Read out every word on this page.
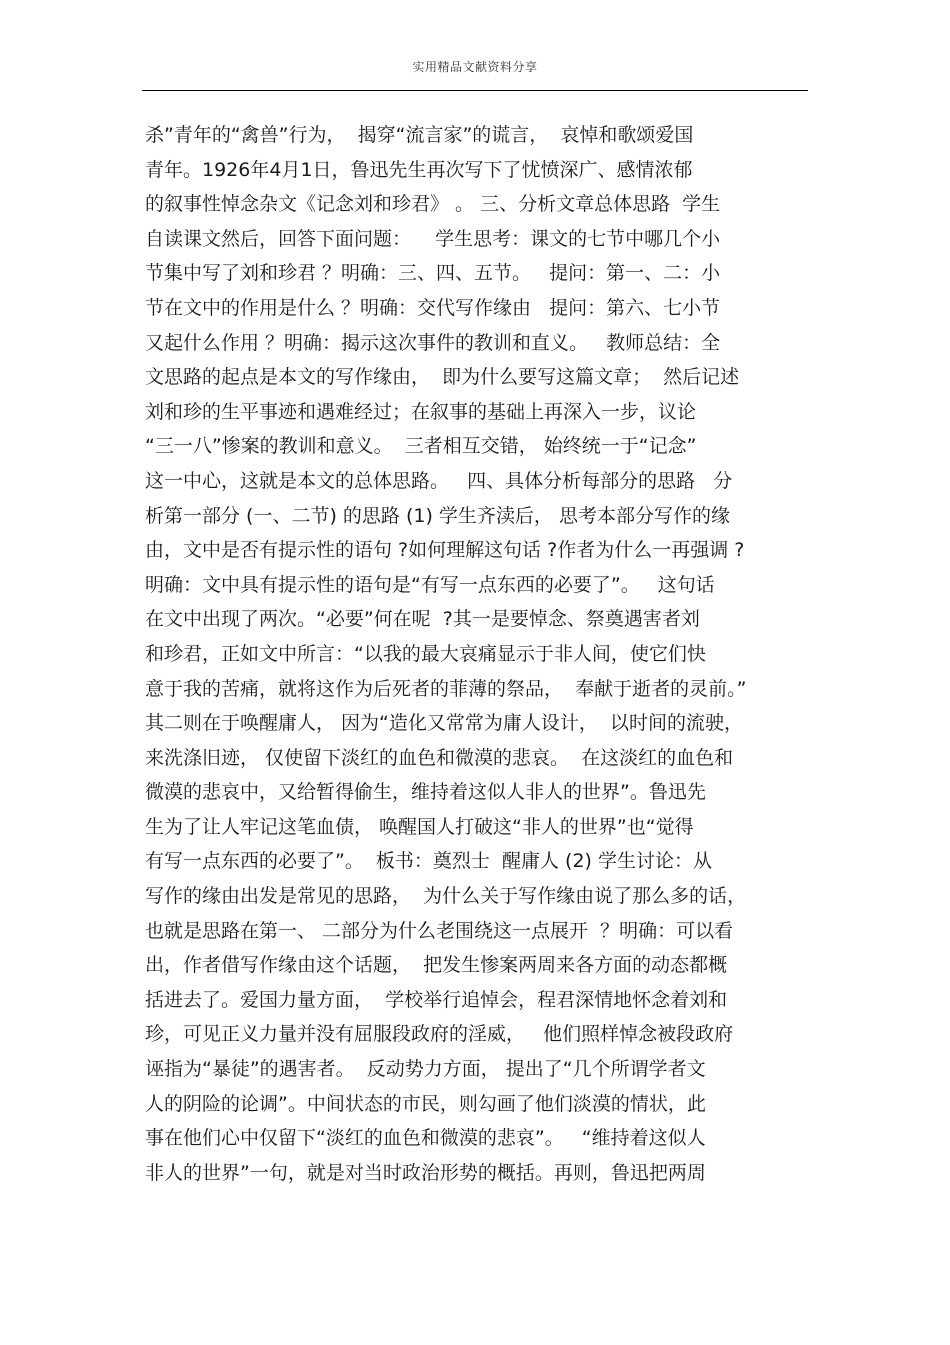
实用精品文献资料分享
杀”青年的“禽兽”行为，  揭穿“流言家”的谎言，  哀悼和歌颂爱国
青年。1926年4月1日，鲁迅先生再次写下了忧愤深广、感情浓郁
的叙事性悼念杂文《记念刘和珍君》 。 三、分析文章总体思路  学生
自读课文然后，回答下面问题：    学生思考：课文的七节中哪几个小
节集中写了刘和珍君 ？明确：三、四、五节。   提问：第一、二：小
节在文中的作用是什么 ？明确：交代写作缘由   提问：第六、七小节
又起什么作用 ？明确：揭示这次事件的教训和直义。   教师总结：全
文思路的起点是本文的写作缘由，  即为什么要写这篇文章；  然后记述
刘和珍的生平事迹和遇难经过；在叙事的基础上再深入一步，议论
“三一八”惨案的教训和意义。  三者相互交错， 始终统一于“记念”
这一中心，这就是本文的总体思路。   四、具体分析每部分的思路   分
析第一部分 (一、二节) 的思路 (1) 学生齐渎后， 思考本部分写作的缘
由，文中是否有提示性的语句 ?如何理解这句话 ?作者为什么一再强调 ?
明确：文中具有提示性的语句是“有写一点东西的必要了”。   这句话
在文中出现了两次。“必要”何在呢  ?其一是要悼念、祭奠遇害者刘
和珍君，正如文中所言：“以我的最大哀痛显示于非人间，使它们快
意于我的苦痛，就将这作为后死者的菲薄的祭品，  奉献于逝者的灵前。”
其二则在于唤醒庸人， 因为“造化又常常为庸人设计，  以时间的流驶，
来洗涤旧迹， 仅使留下淡红的血色和微漠的悲哀。  在这淡红的血色和
微漠的悲哀中，又给暂得偷生，维持着这似人非人的世界”。鲁迅先
生为了让人牢记这笔血债， 唤醒国人打破这“非人的世界”也“觉得
有写一点东西的必要了”。  板书：奠烈士  醒庸人 (2) 学生讨论：从
写作的缘由出发是常见的思路，  为什么关于写作缘由说了那么多的话，
也就是思路在第一、 二部分为什么老围绕这一点展开  ？明确：可以看
出，作者借写作缘由这个话题，  把发生惨案两周来各方面的动态都概
括进去了。爱国力量方面，  学校举行追悼会，程君深情地怀念着刘和
珍，可见正义力量并没有屈服段政府的淫威，   他们照样悼念被段政府
诬指为“暴徒”的遇害者。  反动势力方面， 提出了“几个所谓学者文
人的阴险的论调”。中间状态的市民，则勾画了他们淡漠的情状，此
事在他们心中仅留下“淡红的血色和微漠的悲哀”。   “维持着这似人
非人的世界”一句，就是对当时政治形势的概括。再则，鲁迅把两周
